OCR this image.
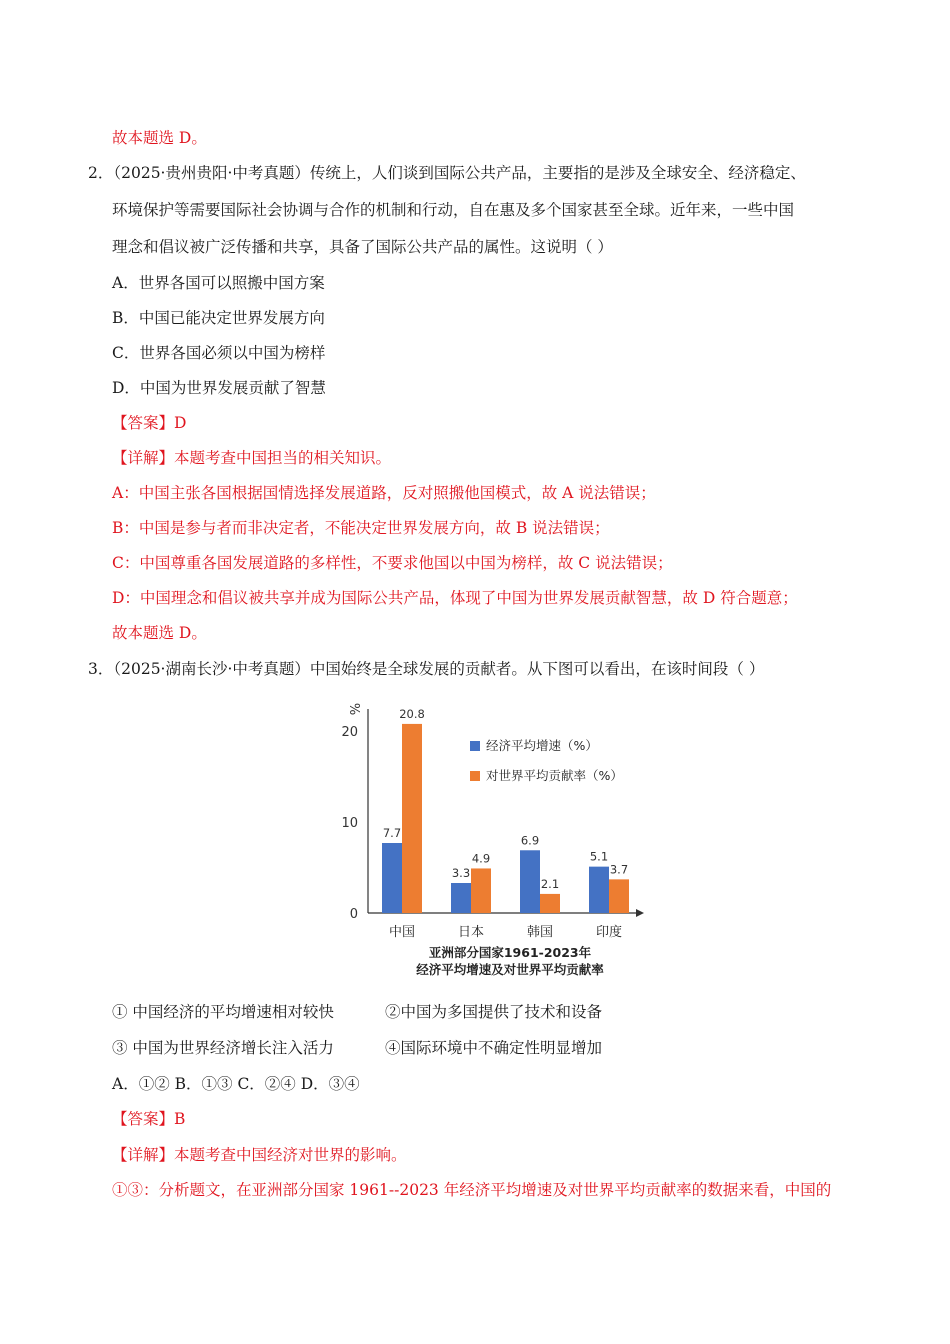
故本题选 D。
2．（2025·贵州贵阳·中考真题）传统上，人们谈到国际公共产品，主要指的是涉及全球安全、经济稳定、
环境保护等需要国际社会协调与合作的机制和行动，自在惠及多个国家甚至全球。近年来，一些中国
理念和倡议被广泛传播和共享，具备了国际公共产品的属性。这说明（ ）
A．世界各国可以照搬中国方案
B．中国已能决定世界发展方向
C．世界各国必须以中国为榜样
D．中国为世界发展贡献了智慧
【答案】D
【详解】本题考查中国担当的相关知识。
A：中国主张各国根据国情选择发展道路，反对照搬他国模式，故 A 说法错误；
B：中国是参与者而非决定者，不能决定世界发展方向，故 B 说法错误；
C：中国尊重各国发展道路的多样性，不要求他国以中国为榜样，故 C 说法错误；
D：中国理念和倡议被共享并成为国际公共产品，体现了中国为世界发展贡献智慧，故 D 符合题意；
故本题选 D。
3．（2025·湖南长沙·中考真题）中国始终是全球发展的贡献者。从下图可以看出，在该时间段（ ）
%
0
10
20
7.7
20.8
中国
3.3
4.9
日本
6.9
2.1
韩国
5.1
3.7
印度
经济平均增速（%）
对世界平均贡献率（%）
亚洲部分国家1961-2023年
经济平均增速及对世界平均贡献率
① 中国经济的平均增速相对较快	②中国为多国提供了技术和设备
③ 中国为世界经济增长注入活力	④国际环境中不确定性明显增加
A．①② B．①③ C．②④ D．③④
【答案】B
【详解】本题考查中国经济对世界的影响。
①③：分析题文，在亚洲部分国家 1961--2023 年经济平均增速及对世界平均贡献率的数据来看，中国的
